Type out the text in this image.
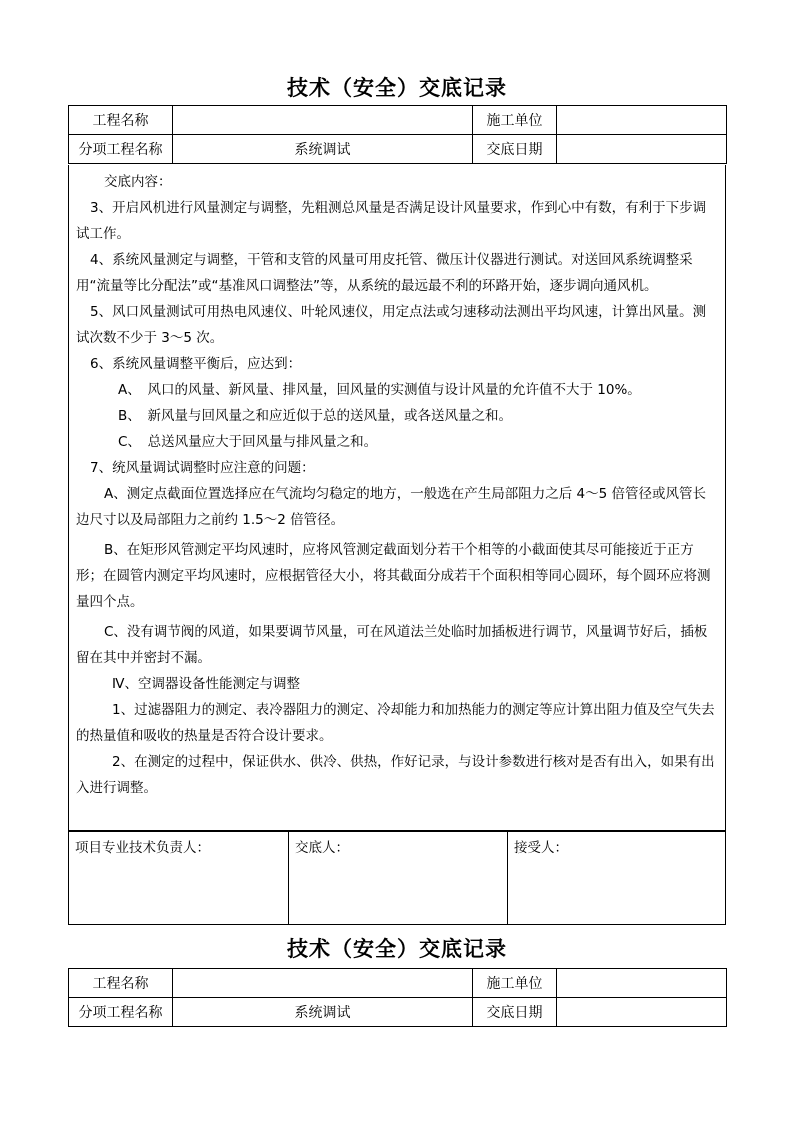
技术（安全）交底记录
工程名称		施工单位	
分项工程名称	系统调试	交底日期	

交底内容：

3、开启风机进行风量测定与调整，先粗测总风量是否满足设计风量要求，作到心中有数，有利于下步调试工作。

4、系统风量测定与调整，干管和支管的风量可用皮托管、微压计仪器进行测试。对送回风系统调整采用“流量等比分配法”或“基准风口调整法”等，从系统的最远最不利的环路开始，逐步调向通风机。

5、风口风量测试可用热电风速仪、叶轮风速仪，用定点法或匀速移动法测出平均风速，计算出风量。测试次数不少于 3～5 次。

6、系统风量调整平衡后，应达到：

A、　风口的风量、新风量、排风量，回风量的实测值与设计风量的允许值不大于 10%。

B、　新风量与回风量之和应近似于总的送风量，或各送风量之和。

C、　总送风量应大于回风量与排风量之和。

7、统风量调试调整时应注意的问题：

A、测定点截面位置选择应在气流均匀稳定的地方，一般选在产生局部阻力之后 4～5 倍管径或风管长边尺寸以及局部阻力之前约 1.5～2 倍管径。

B、在矩形风管测定平均风速时，应将风管测定截面划分若干个相等的小截面使其尽可能接近于正方形；在圆管内测定平均风速时，应根据管径大小，将其截面分成若干个面积相等同心圆环，每个圆环应将测量四个点。

C、没有调节阀的风道，如果要调节风量，可在风道法兰处临时加插板进行调节，风量调节好后，插板留在其中并密封不漏。

Ⅳ、空调器设备性能测定与调整

1、过滤器阻力的测定、表冷器阻力的测定、冷却能力和加热能力的测定等应计算出阻力值及空气失去的热量值和吸收的热量是否符合设计要求。

2、在测定的过程中，保证供水、供冷、供热，作好记录，与设计参数进行核对是否有出入，如果有出入进行调整。

项目专业技术负责人：	交底人：	接受人：
技术（安全）交底记录
工程名称		施工单位	
分项工程名称	系统调试	交底日期	
